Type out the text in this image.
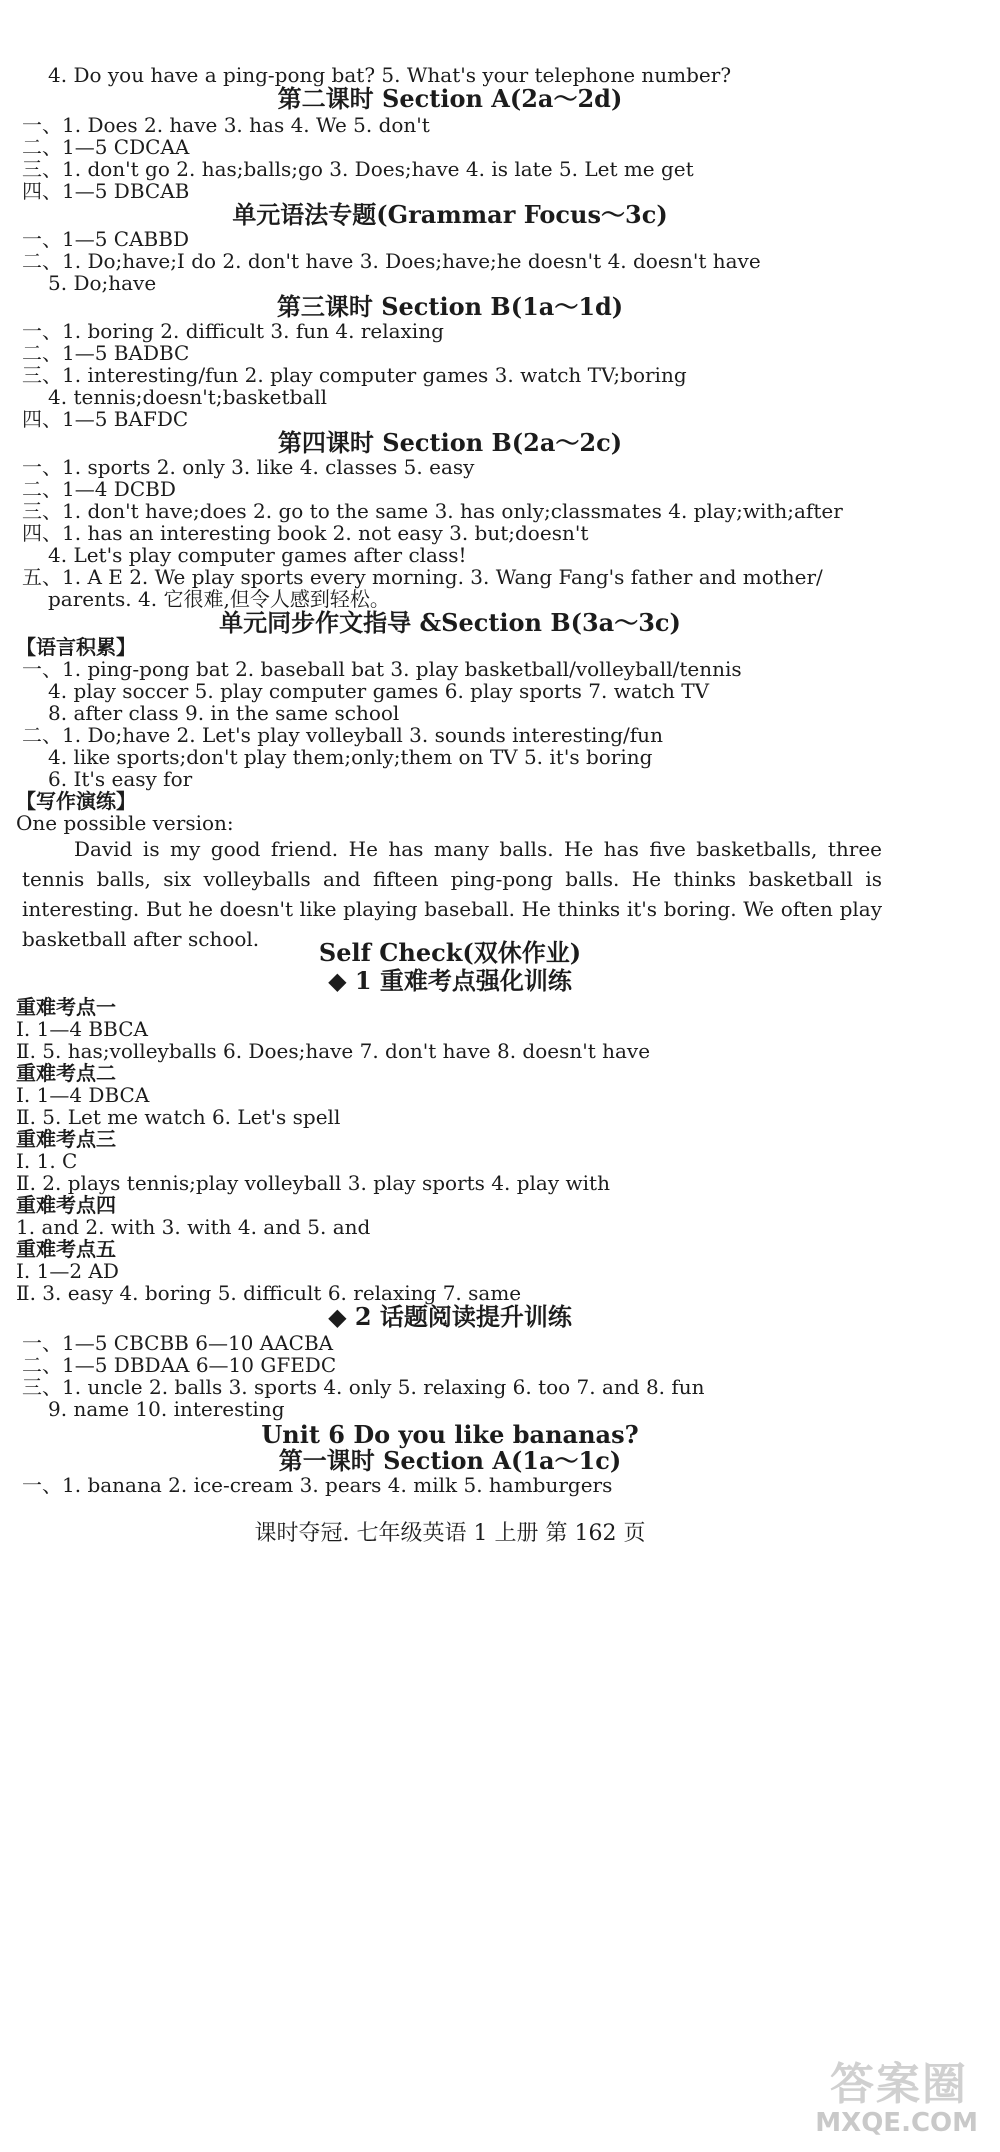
4. Do you have a ping-pong bat? 5. What's your telephone number?
第二课时 Section A(2a～2d)
一、1. Does 2. have 3. has 4. We 5. don't
二、1—5 CDCAA
三、1. don't go 2. has;balls;go 3. Does;have 4. is late 5. Let me get
四、1—5 DBCAB
单元语法专题(Grammar Focus～3c)
一、1—5 CABBD
二、1. Do;have;I do 2. don't have 3. Does;have;he doesn't 4. doesn't have
5. Do;have
第三课时 Section B(1a～1d)
一、1. boring 2. difficult 3. fun 4. relaxing
二、1—5 BADBC
三、1. interesting/fun 2. play computer games 3. watch TV;boring
4. tennis;doesn't;basketball
四、1—5 BAFDC
第四课时 Section B(2a～2c)
一、1. sports 2. only 3. like 4. classes 5. easy
二、1—4 DCBD
三、1. don't have;does 2. go to the same 3. has only;classmates 4. play;with;after
四、1. has an interesting book 2. not easy 3. but;doesn't
4. Let's play computer games after class!
五、1. A E 2. We play sports every morning. 3. Wang Fang's father and mother/
parents. 4. 它很难,但令人感到轻松。
单元同步作文指导 &Section B(3a～3c)
【语言积累】
一、1. ping-pong bat 2. baseball bat 3. play basketball/volleyball/tennis
4. play soccer 5. play computer games 6. play sports 7. watch TV
8. after class 9. in the same school
二、1. Do;have 2. Let's play volleyball 3. sounds interesting/fun
4. like sports;don't play them;only;them on TV 5. it's boring
6. It's easy for
【写作演练】
One possible version:
David is my good friend. He has many balls. He has five basketballs, three tennis balls, six volleyballs and fifteen ping-pong balls. He thinks basketball is interesting. But he doesn't like playing baseball. He thinks it's boring. We often play basketball after school.	Self Check(双休作业)
◆ 1 重难考点强化训练
重难考点一
Ⅰ. 1—4 BBCA
Ⅱ. 5. has;volleyballs 6. Does;have 7. don't have 8. doesn't have
重难考点二
Ⅰ. 1—4 DBCA
Ⅱ. 5. Let me watch 6. Let's spell
重难考点三
Ⅰ. 1. C
Ⅱ. 2. plays tennis;play volleyball 3. play sports 4. play with
重难考点四
1. and 2. with 3. with 4. and 5. and
重难考点五
Ⅰ. 1—2 AD
Ⅱ. 3. easy 4. boring 5. difficult 6. relaxing 7. same
◆ 2 话题阅读提升训练
一、1—5 CBCBB 6—10 AACBA
二、1—5 DBDAA 6—10 GFEDC
三、1. uncle 2. balls 3. sports 4. only 5. relaxing 6. too 7. and 8. fun
9. name 10. interesting
Unit 6 Do you like bananas?
第一课时 Section A(1a～1c)
一、1. banana 2. ice-cream 3. pears 4. milk 5. hamburgers
课时夺冠. 七年级英语 1 上册 第 162 页
答案圈
MXQE.COM
